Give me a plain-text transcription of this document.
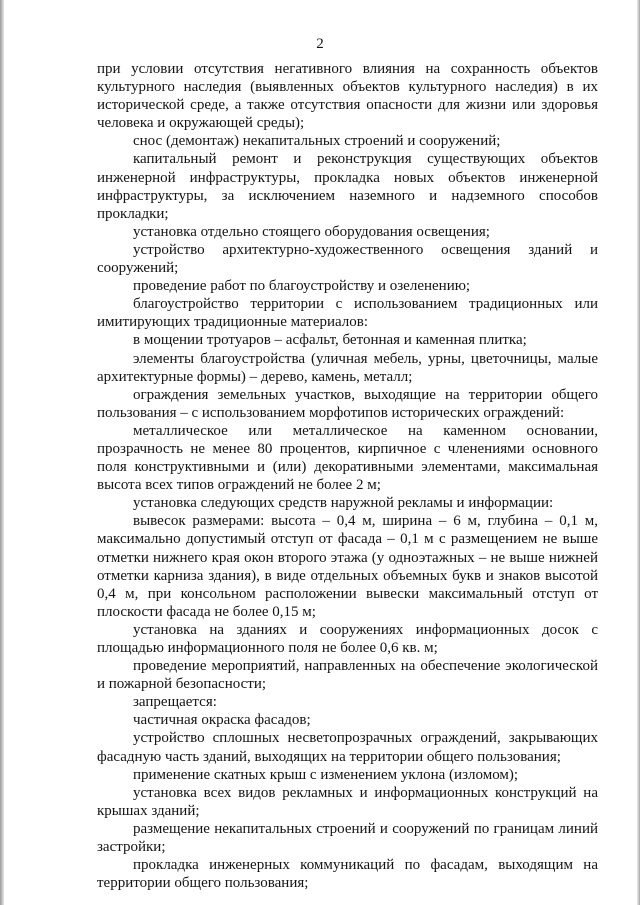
2

при условии отсутствия негативного влияния на сохранность объектов культурного наследия (выявленных объектов культурного наследия) в их исторической среде, а также отсутствия опасности для жизни или здоровья человека и окружающей среды);

снос (демонтаж) некапитальных строений и сооружений;

капитальный ремонт и реконструкция существующих объектов инженерной инфраструктуры, прокладка новых объектов инженерной инфраструктуры, за исключением наземного и надземного способов прокладки;

установка отдельно стоящего оборудования освещения;

устройство архитектурно-художественного освещения зданий и сооружений;

проведение работ по благоустройству и озеленению;

благоустройство территории с использованием традиционных или имитирующих традиционные материалов:

в мощении тротуаров – асфальт, бетонная и каменная плитка;

элементы благоустройства (уличная мебель, урны, цветочницы, малые архитектурные формы) – дерево, камень, металл;

ограждения земельных участков, выходящие на территории общего пользования – с использованием морфотипов исторических ограждений:

металлическое или металлическое на каменном основании, прозрачность не менее 80 процентов, кирпичное с членениями основного поля конструктивными и (или) декоративными элементами, максимальная высота всех типов ограждений не более 2 м;

установка следующих средств наружной рекламы и информации:

вывесок размерами: высота – 0,4 м, ширина – 6 м, глубина – 0,1 м, максимально допустимый отступ от фасада – 0,1 м с размещением не выше отметки нижнего края окон второго этажа (у одноэтажных – не выше нижней отметки карниза здания), в виде отдельных объемных букв и знаков высотой 0,4 м, при консольном расположении вывески максимальный отступ от плоскости фасада не более 0,15 м;

установка на зданиях и сооружениях информационных досок с площадью информационного поля не более 0,6 кв. м;

проведение мероприятий, направленных на обеспечение экологической и пожарной безопасности;

запрещается:

частичная окраска фасадов;

устройство сплошных несветопрозрачных ограждений, закрывающих фасадную часть зданий, выходящих на территории общего пользования;

применение скатных крыш с изменением уклона (изломом);

установка всех видов рекламных и информационных конструкций на крышах зданий;

размещение некапитальных строений и сооружений по границам линий застройки;

прокладка инженерных коммуникаций по фасадам, выходящим на территории общего пользования;
